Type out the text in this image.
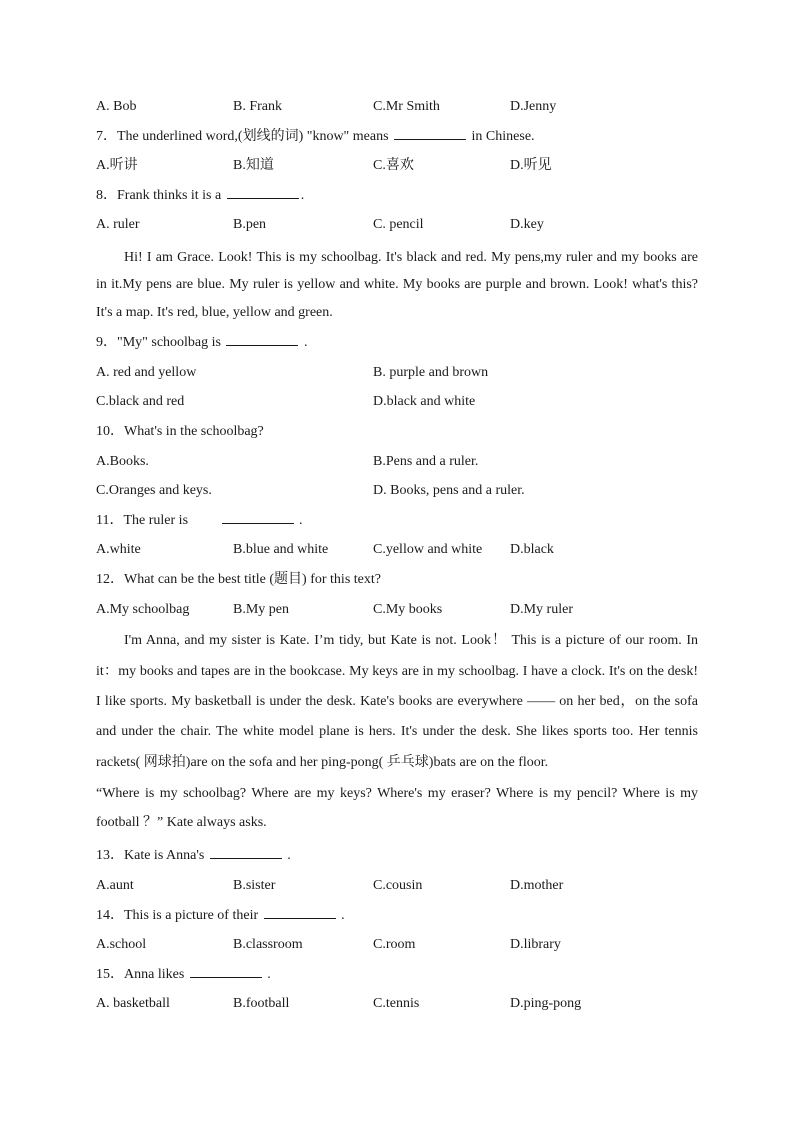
A. Bob	B. Frank	C.Mr Smith	D.Jenny
7．The underlined word,(划线的词) "know" means	in Chinese.
A.听讲	B.知道	C.喜欢	D.听见
8．Frank thinks it is a	.
A. ruler	B.pen	C. pencil	D.key
Hi! I am Grace. Look! This is my schoolbag. It's black and red. My pens,my ruler and my books are in it.My pens are blue. My ruler is yellow and white. My books are purple and brown. Look! what's this? It's a map. It's red, blue, yellow and green.
9．"My" schoolbag is	.
A. red and yellow	B. purple and brown
C.black and red	D.black and white
10．What's in the schoolbag?
A.Books.	B.Pens and a ruler.
C.Oranges and keys.	D. Books, pens and a ruler.
11．The ruler is	.
A.white	B.blue and white	C.yellow and white D.black
12．What can be the best title (题目) for this text?
A.My schoolbag	B.My pen	C.My books	D.My ruler
I'm Anna, and my sister is Kate. I’m tidy, but Kate is not. Look！ This is a picture of our room. In it：my books and tapes are in the bookcase. My keys are in my schoolbag. I have a clock. It's on the desk! I like sports. My basketball is under the desk. Kate's books are everywhere —— on her bed，on the sofa and under the chair. The white model plane is hers. It's under the desk. She likes sports too. Her tennis rackets( 网球拍)are on the sofa and her ping-pong( 乒乓球)bats are on the floor.
“Where is my schoolbag? Where are my keys? Where's my eraser? Where is my pencil? Where is my football ？” Kate always asks.
13．Kate is Anna's	.
A.aunt	B.sister	C.cousin	D.mother
14．This is a picture of their	.
A.school	B.classroom	C.room	D.library
15．Anna likes	.
A. basketball	B.football	C.tennis	D.ping-pong
